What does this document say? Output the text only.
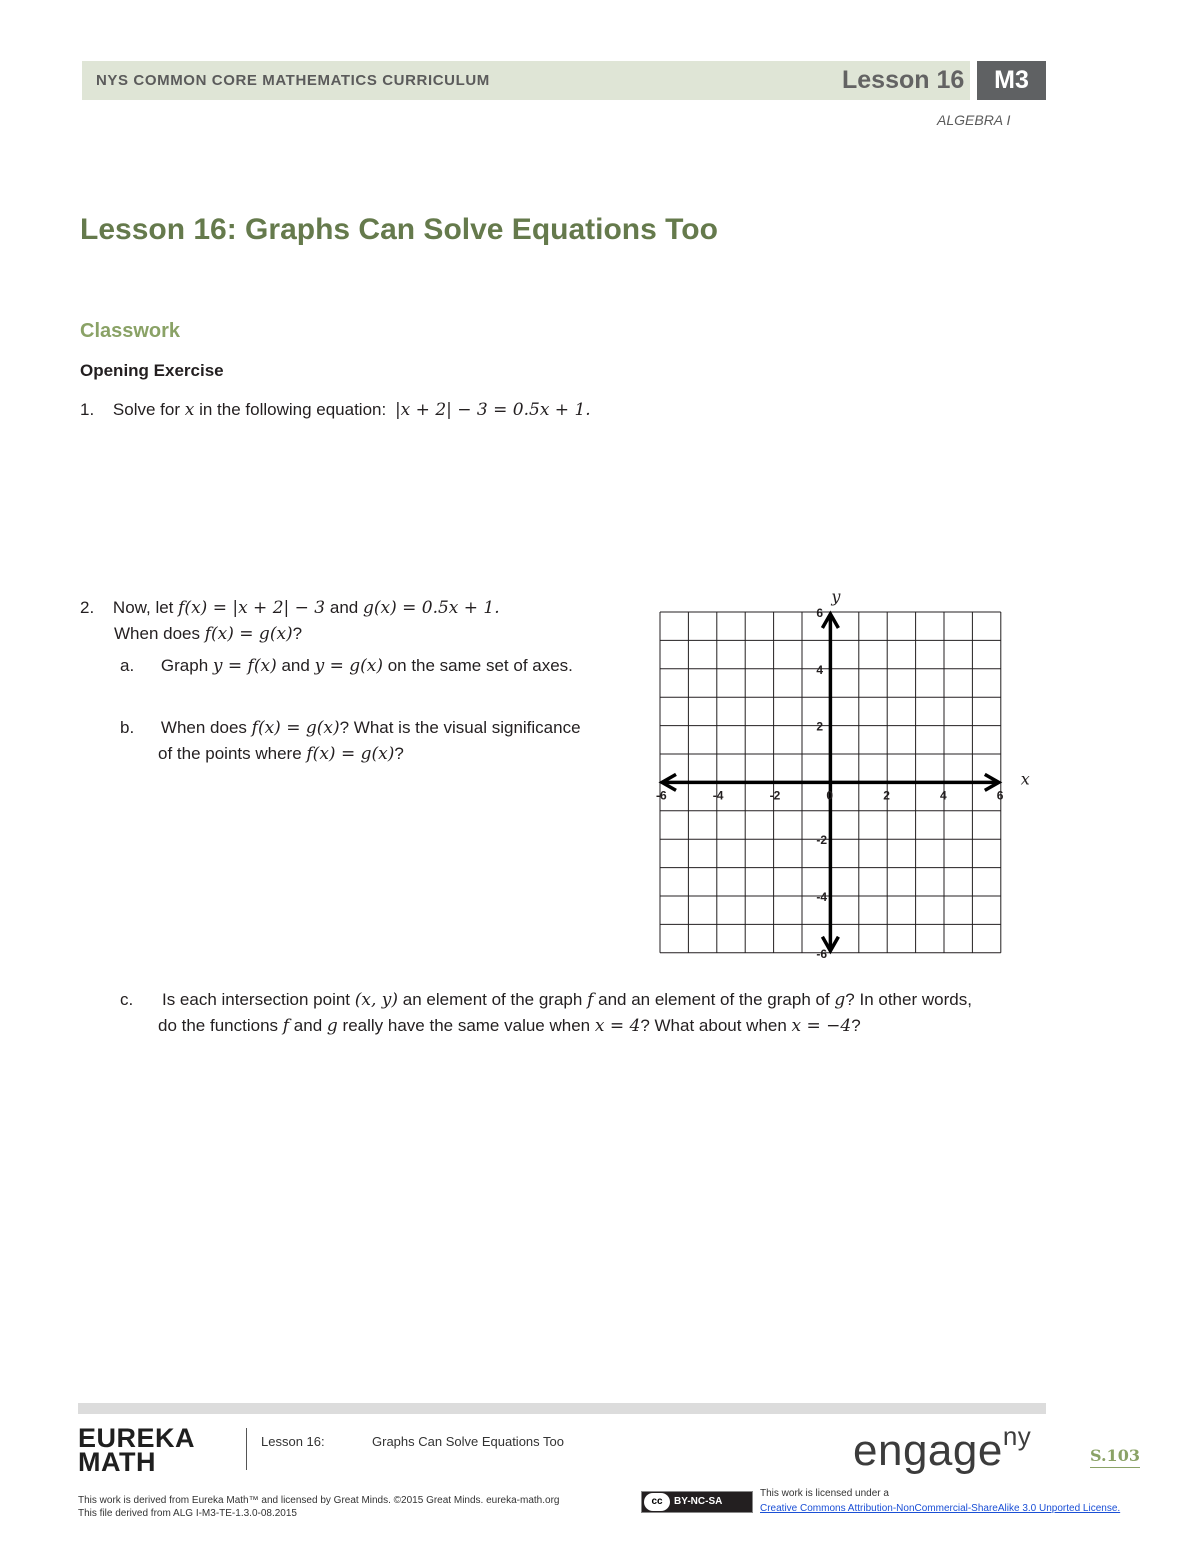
NYS COMMON CORE MATHEMATICS CURRICULUM	Lesson 16	M3
ALGEBRA I
Lesson 16: Graphs Can Solve Equations Too
Classwork
Opening Exercise
1. Solve for x in the following equation: |x + 2| − 3 = 0.5x + 1.
2. Now, let f(x) = |x + 2| − 3 and g(x) = 0.5x + 1.
When does f(x) = g(x)?
a. Graph y = f(x) and y = g(x) on the same set of axes.
b. When does f(x) = g(x)? What is the visual significance
of the points where f(x) = g(x)?
-6	-4	-2	0	2	4	6
6
4
2
-2
-4
-6
x
y
c. Is each intersection point (x, y) an element of the graph f and an element of the graph of g? In other words,
do the functions f and g really have the same value when x = 4? What about when x = −4?
EUREKA
MATH
Lesson 16:	Graphs Can Solve Equations Too	engage$^{ny}$
S.103
This work is derived from Eureka Math™ and licensed by Great Minds. ©2015 Great Minds. eureka-math.org
This file derived from ALG I-M3-TE-1.3.0-08.2015
cc BY-NC-SA
This work is licensed under a
Creative Commons Attribution-NonCommercial-ShareAlike 3.0 Unported License.
